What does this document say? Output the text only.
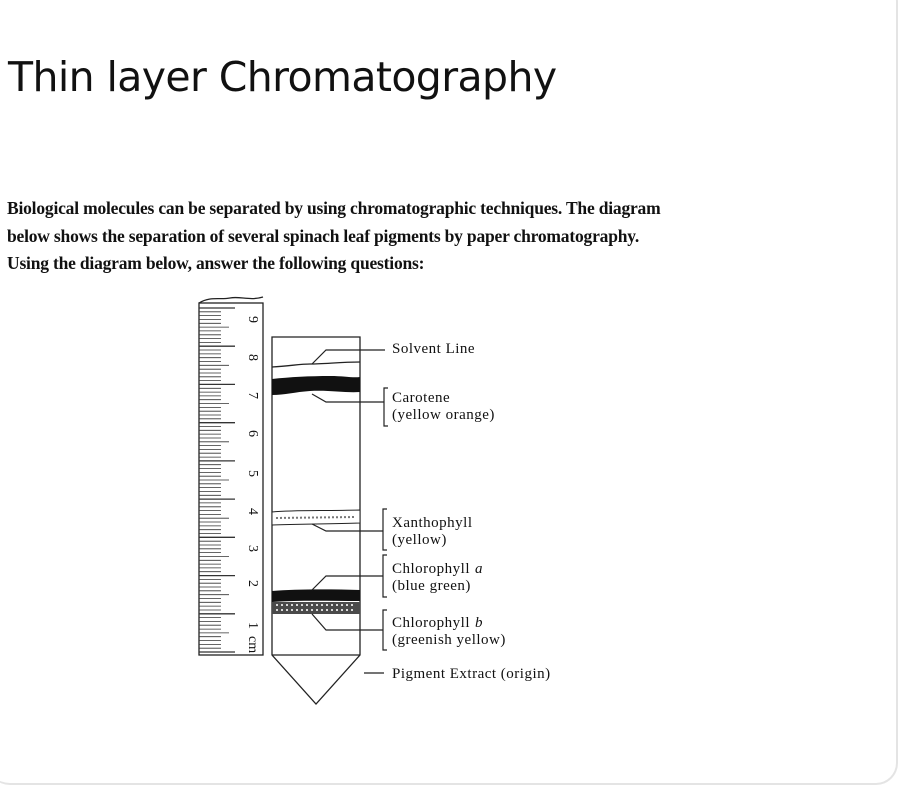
Thin layer Chromatography
Biological molecules can be separated by using chromatographic techniques. The diagram
below shows the separation of several spinach leaf pigments by paper chromatography.
Using the diagram below, answer the following questions:
cm
1
2
3
4
5
6
7
8
9
Solvent Line
Carotene
(yellow orange)
Xanthophyll
(yellow)
Chlorophyll a
(blue green)
Chlorophyll b
(greenish yellow)
Pigment Extract (origin)
